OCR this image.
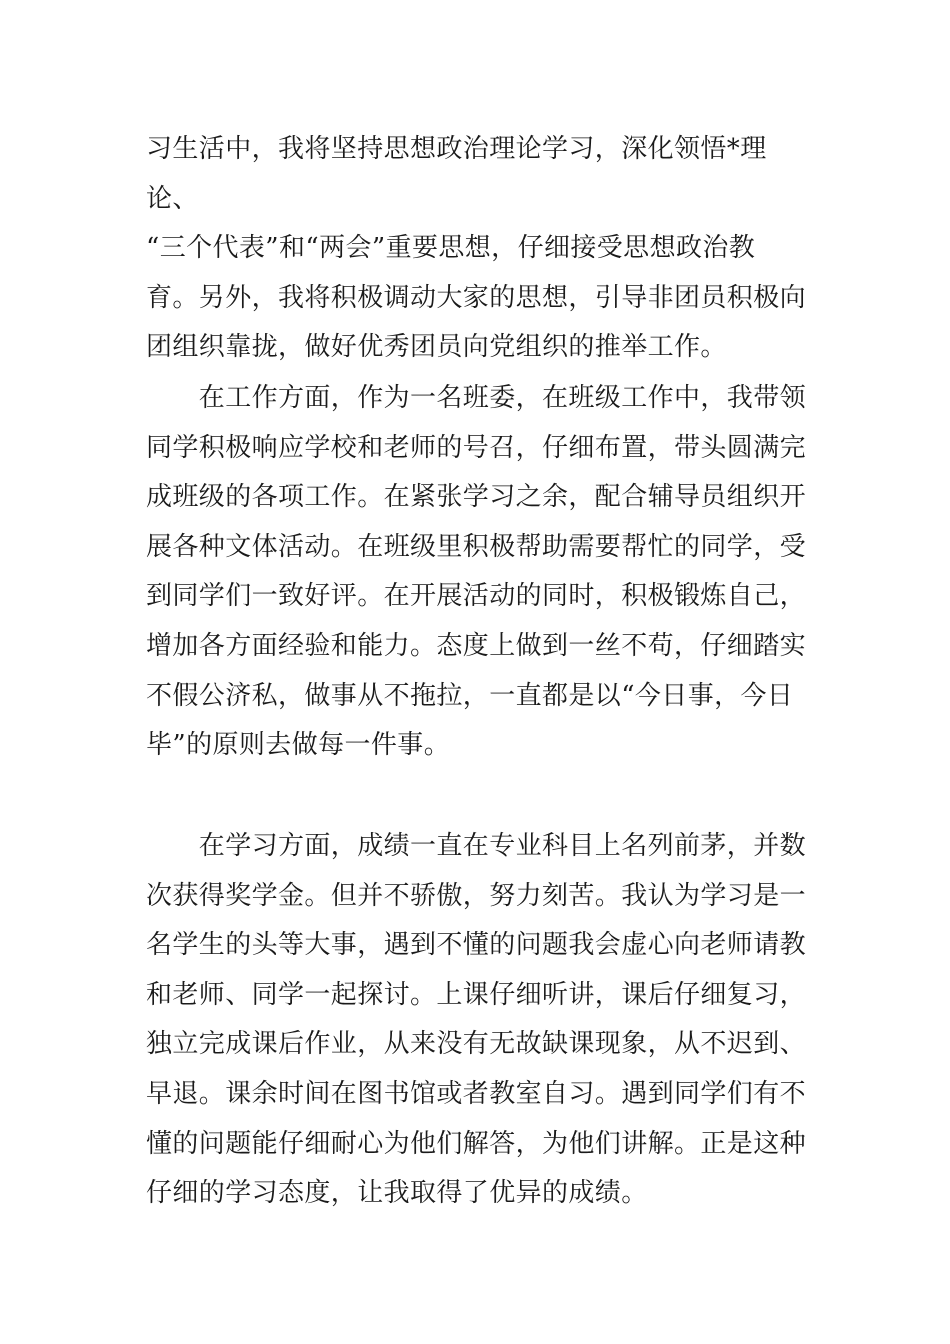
习生活中，我将坚持思想政治理论学习，深化领悟*理论、
“三个代表”和“两会”重要思想，仔细接受思想政治教
育。另外，我将积极调动大家的思想，引导非团员积极向
团组织靠拢，做好优秀团员向党组织的推举工作。

　　在工作方面，作为一名班委，在班级工作中，我带领
同学积极响应学校和老师的号召，仔细布置，带头圆满完
成班级的各项工作。在紧张学习之余，配合辅导员组织开
展各种文体活动。在班级里积极帮助需要帮忙的同学，受
到同学们一致好评。在开展活动的同时，积极锻炼自己，
增加各方面经验和能力。态度上做到一丝不苟，仔细踏实
不假公济私，做事从不拖拉，一直都是以“今日事，今日
毕”的原则去做每一件事。

　　在学习方面，成绩一直在专业科目上名列前茅，并数
次获得奖学金。但并不骄傲，努力刻苦。我认为学习是一
名学生的头等大事，遇到不懂的问题我会虚心向老师请教
和老师、同学一起探讨。上课仔细听讲，课后仔细复习，
独立完成课后作业，从来没有无故缺课现象，从不迟到、
早退。课余时间在图书馆或者教室自习。遇到同学们有不
懂的问题能仔细耐心为他们解答，为他们讲解。正是这种
仔细的学习态度，让我取得了优异的成绩。
